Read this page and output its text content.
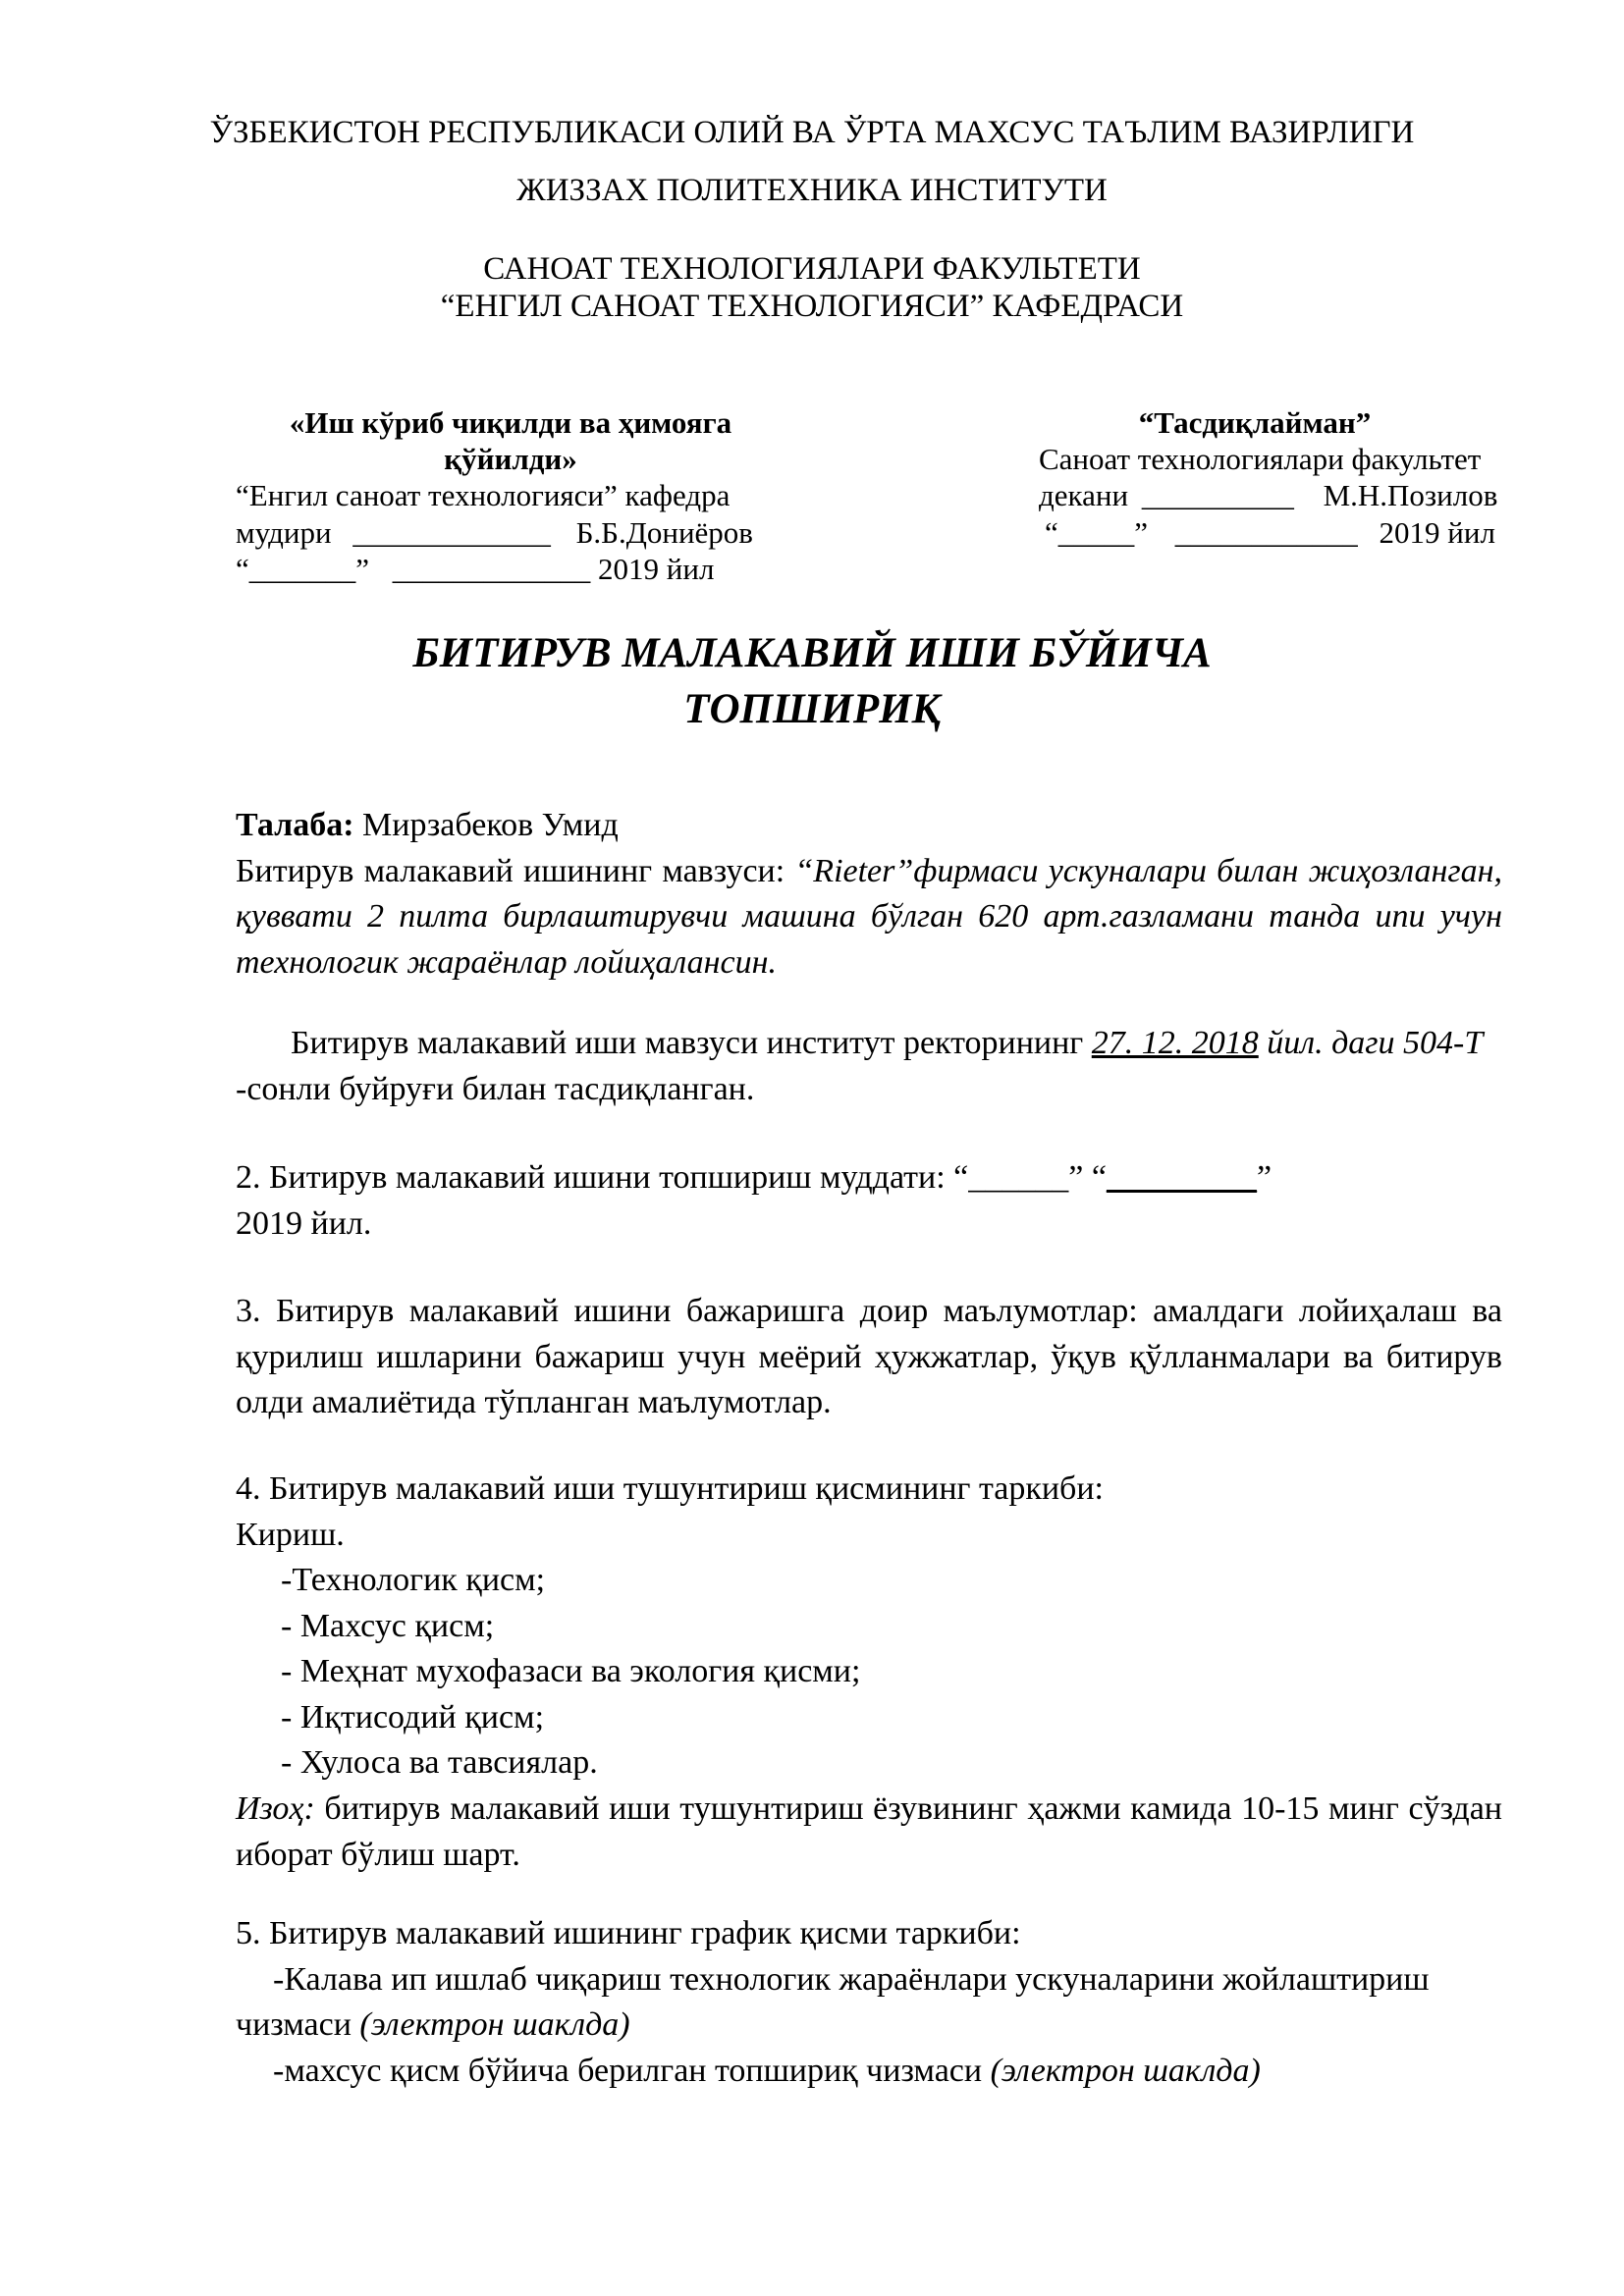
ЎЗБЕКИСТОН РЕСПУБЛИКАСИ ОЛИЙ ВА ЎРТА МАХСУС ТАЪЛИМ ВАЗИРЛИГИ
ЖИЗЗАХ ПОЛИТЕХНИКА ИНСТИТУТИ
САНОАТ ТЕХНОЛОГИЯЛАРИ ФАКУЛЬТЕТИ
“ЕНГИЛ САНОАТ ТЕХНОЛОГИЯСИ” КАФЕДРАСИ
«Иш кўриб чиқилди ва ҳимояга
қўйилди»
“Енгил саноат технологияси” кафедра
мудири _____________ Б.Б.Дониёров
“_______” _____________ 2019 йил
“Тасдиқлайман”
Саноат технологиялари факультет
декани __________ М.Н.Позилов
“_____” ____________ 2019 йил
БИТИРУВ МАЛАКАВИЙ ИШИ БЎЙИЧА
ТОПШИРИҚ

Талаба: Мирзабеков Умид

Битирув малакавий ишининг мавзуси: “Rieter”фирмаси ускуналари билан жиҳозланган, қуввати 2 пилта бирлаштирувчи машина бўлган 620 арт.газламани танда ипи учун технологик жараёнлар лойиҳалансин.

Битирув малакавий иши мавзуси институт ректорининг 27. 12. 2018 йил. даги 504-Т -сонли буйруғи билан тасдиқланган.

2. Битирув малакавий ишини топшириш муддати: “______” “_________”

2019 йил.

3. Битирув малакавий ишини бажаришга доир маълумотлар: амалдаги лойиҳалаш ва қурилиш ишларини бажариш учун меёрий ҳужжатлар, ўқув қўлланмалари ва битирув олди амалиётида тўпланган маълумотлар.

4. Битирув малакавий иши тушунтириш қисмининг таркиби:

Кириш.

-Технологик қисм;

- Махсус қисм;

- Меҳнат мухофазаси ва экология қисми;

- Иқтисодий қисм;

- Хулоса ва тавсиялар.

Изоҳ: битирув малакавий иши тушунтириш ёзувининг ҳажми камида 10-15 минг сўздан иборат бўлиш шарт.

5. Битирув малакавий ишининг график қисми таркиби:

-Калава ип ишлаб чиқариш технологик жараёнлари ускуналарини жойлаштириш чизмаси (электрон шаклда)

-махсус қисм бўйича берилган топшириқ чизмаси (электрон шаклда)
